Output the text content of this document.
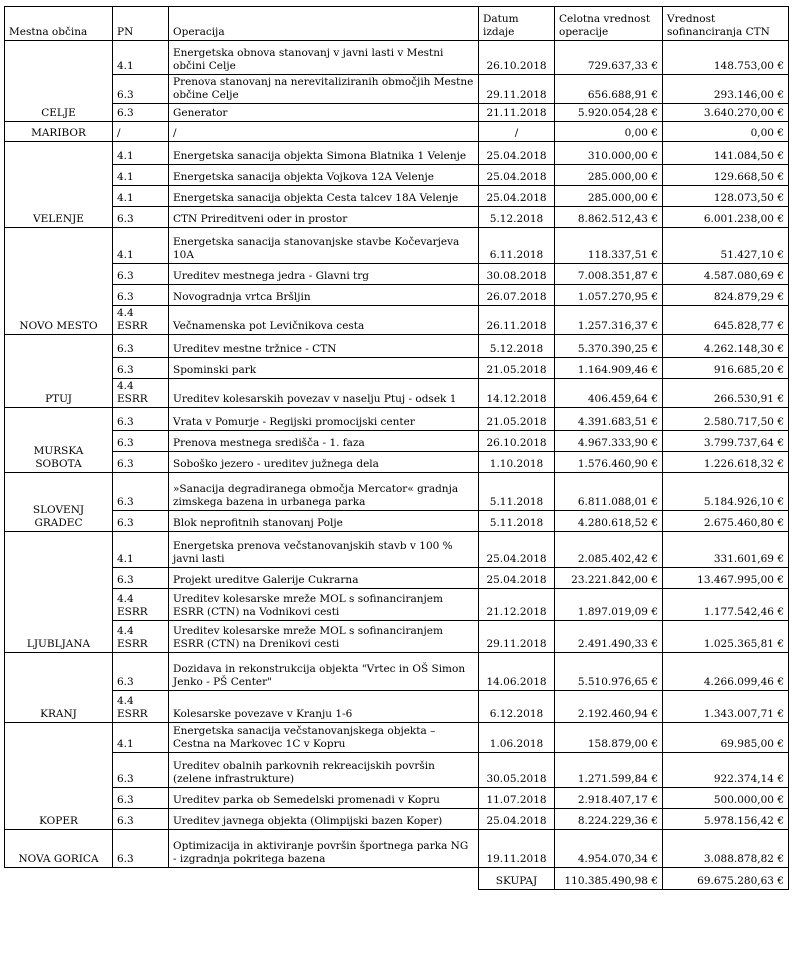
Mestna občina	PN	Operacija	Datum izdaje	Celotna vrednost operacije	Vrednost sofinanciranja CTN
CELJE	4.1	Energetska obnova stanovanj v javni lasti v Mestni občini Celje	26.10.2018	729.637,33 €	148.753,00 €
	6.3	Prenova stanovanj na nerevitaliziranih območjih Mestne občine Celje	29.11.2018	656.688,91 €	293.146,00 €
	6.3	Generator	21.11.2018	5.920.054,28 €	3.640.270,00 €
MARIBOR	/	/	/	0,00 €	0,00 €
VELENJE	4.1	Energetska sanacija objekta Simona Blatnika 1 Velenje	25.04.2018	310.000,00 €	141.084,50 €
	4.1	Energetska sanacija objekta Vojkova 12A Velenje	25.04.2018	285.000,00 €	129.668,50 €
	4.1	Energetska sanacija objekta Cesta talcev 18A Velenje	25.04.2018	285.000,00 €	128.073,50 €
	6.3	CTN Prireditveni oder in prostor	5.12.2018	8.862.512,43 €	6.001.238,00 €
NOVO MESTO	4.1	Energetska sanacija stanovanjske stavbe Kočevarjeva 10A	6.11.2018	118.337,51 €	51.427,10 €
	6.3	Ureditev mestnega jedra - Glavni trg	30.08.2018	7.008.351,87 €	4.587.080,69 €
	6.3	Novogradnja vrtca Bršljin	26.07.2018	1.057.270,95 €	824.879,29 €
	4.4 ESRR	Večnamenska pot Levičnikova cesta	26.11.2018	1.257.316,37 €	645.828,77 €
PTUJ	6.3	Ureditev mestne tržnice - CTN	5.12.2018	5.370.390,25 €	4.262.148,30 €
	6.3	Spominski park	21.05.2018	1.164.909,46 €	916.685,20 €
	4.4 ESRR	Ureditev kolesarskih povezav v naselju Ptuj - odsek 1	14.12.2018	406.459,64 €	266.530,91 €
MURSKA SOBOTA	6.3	Vrata v Pomurje - Regijski promocijski center	21.05.2018	4.391.683,51 €	2.580.717,50 €
	6.3	Prenova mestnega središča - 1. faza	26.10.2018	4.967.333,90 €	3.799.737,64 €
	6.3	Soboško jezero - ureditev južnega dela	1.10.2018	1.576.460,90 €	1.226.618,32 €
SLOVENJ GRADEC	6.3	»Sanacija degradiranega območja Mercator« gradnja zimskega bazena in urbanega parka	5.11.2018	6.811.088,01 €	5.184.926,10 €
	6.3	Blok neprofitnih stanovanj Polje	5.11.2018	4.280.618,52 €	2.675.460,80 €
LJUBLJANA	4.1	Energetska prenova večstanovanjskih stavb v 100 % javni lasti	25.04.2018	2.085.402,42 €	331.601,69 €
	6.3	Projekt ureditve Galerije Cukrarna	25.04.2018	23.221.842,00 €	13.467.995,00 €
	4.4 ESRR	Ureditev kolesarske mreže MOL s sofinanciranjem ESRR (CTN) na Vodnikovi cesti	21.12.2018	1.897.019,09 €	1.177.542,46 €
	4.4 ESRR	Ureditev kolesarske mreže MOL s sofinanciranjem ESRR (CTN) na Drenikovi cesti	29.11.2018	2.491.490,33 €	1.025.365,81 €
KRANJ	6.3	Dozidava in rekonstrukcija objekta "Vrtec in OŠ Simon Jenko - PŠ Center"	14.06.2018	5.510.976,65 €	4.266.099,46 €
	4.4 ESRR	Kolesarske povezave v Kranju 1-6	6.12.2018	2.192.460,94 €	1.343.007,71 €
KOPER	4.1	Energetska sanacija večstanovanjskega objekta – Cestna na Markovec 1C v Kopru	1.06.2018	158.879,00 €	69.985,00 €
	6.3	Ureditev obalnih parkovnih rekreacijskih površin (zelene infrastrukture)	30.05.2018	1.271.599,84 €	922.374,14 €
	6.3	Ureditev parka ob Semedelski promenadi v Kopru	11.07.2018	2.918.407,17 €	500.000,00 €
	6.3	Ureditev javnega objekta (Olimpijski bazen Koper)	25.04.2018	8.224.229,36 €	5.978.156,42 €
NOVA GORICA	6.3	Optimizacija in aktiviranje površin športnega parka NG - izgradnja pokritega bazena	19.11.2018	4.954.070,34 €	3.088.878,82 €
			SKUPAJ	110.385.490,98 €	69.675.280,63 €
